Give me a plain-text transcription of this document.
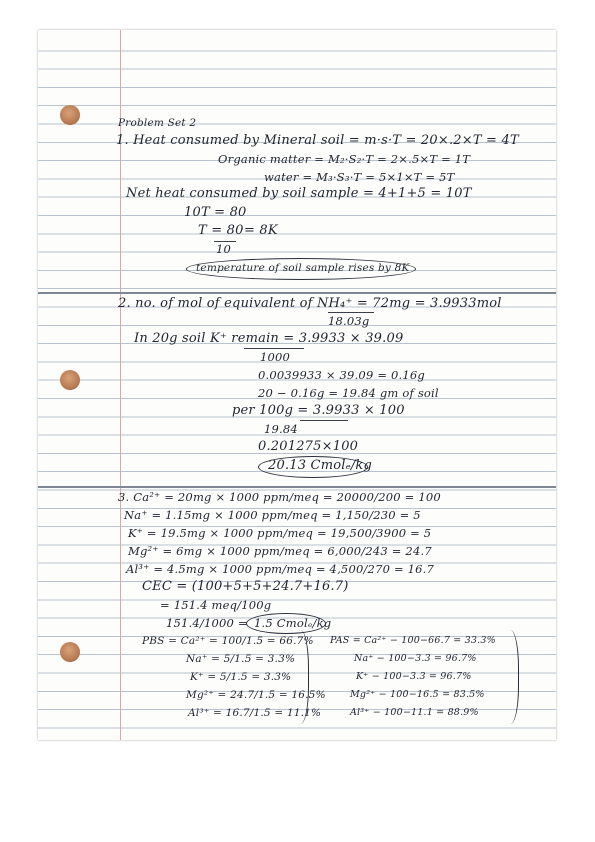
Problem Set 2
1. Heat consumed by Mineral soil = m·s·T = 20×.2×T = 4T
Organic matter = M₂·S₂·T = 2×.5×T = 1T
water = M₃·S₃·T = 5×1×T = 5T
Net heat consumed by soil sample = 4+1+5 = 10T
10T = 80
T = 80 = 8K
10
temperature of soil sample rises by 8K
2. no. of mol of equivalent of NH₄⁺ = 72mg = 3.9933mol
18.03g
In 20g soil K⁺ remain = 3.9933 × 39.09
1000
0.0039933 × 39.09 = 0.16g
20 − 0.16g = 19.84 gm of soil
per 100g = 3.9933 × 100
19.84
0.201275×100
20.13 Cmolₑ/kg
3. Ca²⁺ = 20mg × 1000 ppm/meq = 20000/200 = 100
Na⁺ = 1.15mg × 1000 ppm/meq = 1,150/230 = 5
K⁺ = 19.5mg × 1000 ppm/meq = 19,500/3900 = 5
Mg²⁺ = 6mg × 1000 ppm/meq = 6,000/243 = 24.7
Al³⁺ = 4.5mg × 1000 ppm/meq = 4,500/270 = 16.7
CEC = (100+5+5+24.7+16.7)
= 151.4 meq/100g
151.4/1000 = 1.5 Cmolₑ/kg
PBS = Ca²⁺ = 100/1.5 = 66.7%
Na⁺ = 5/1.5 = 3.3%
K⁺ = 5/1.5 = 3.3%
Mg²⁺ = 24.7/1.5 = 16.5%
Al³⁺ = 16.7/1.5 = 11.1%
PAS = Ca²⁺ − 100−66.7 = 33.3%
Na⁺ − 100−3.3 = 96.7%
K⁺ − 100−3.3 = 96.7%
Mg²⁺ − 100−16.5 = 83.5%
Al³⁺ − 100−11.1 = 88.9%
